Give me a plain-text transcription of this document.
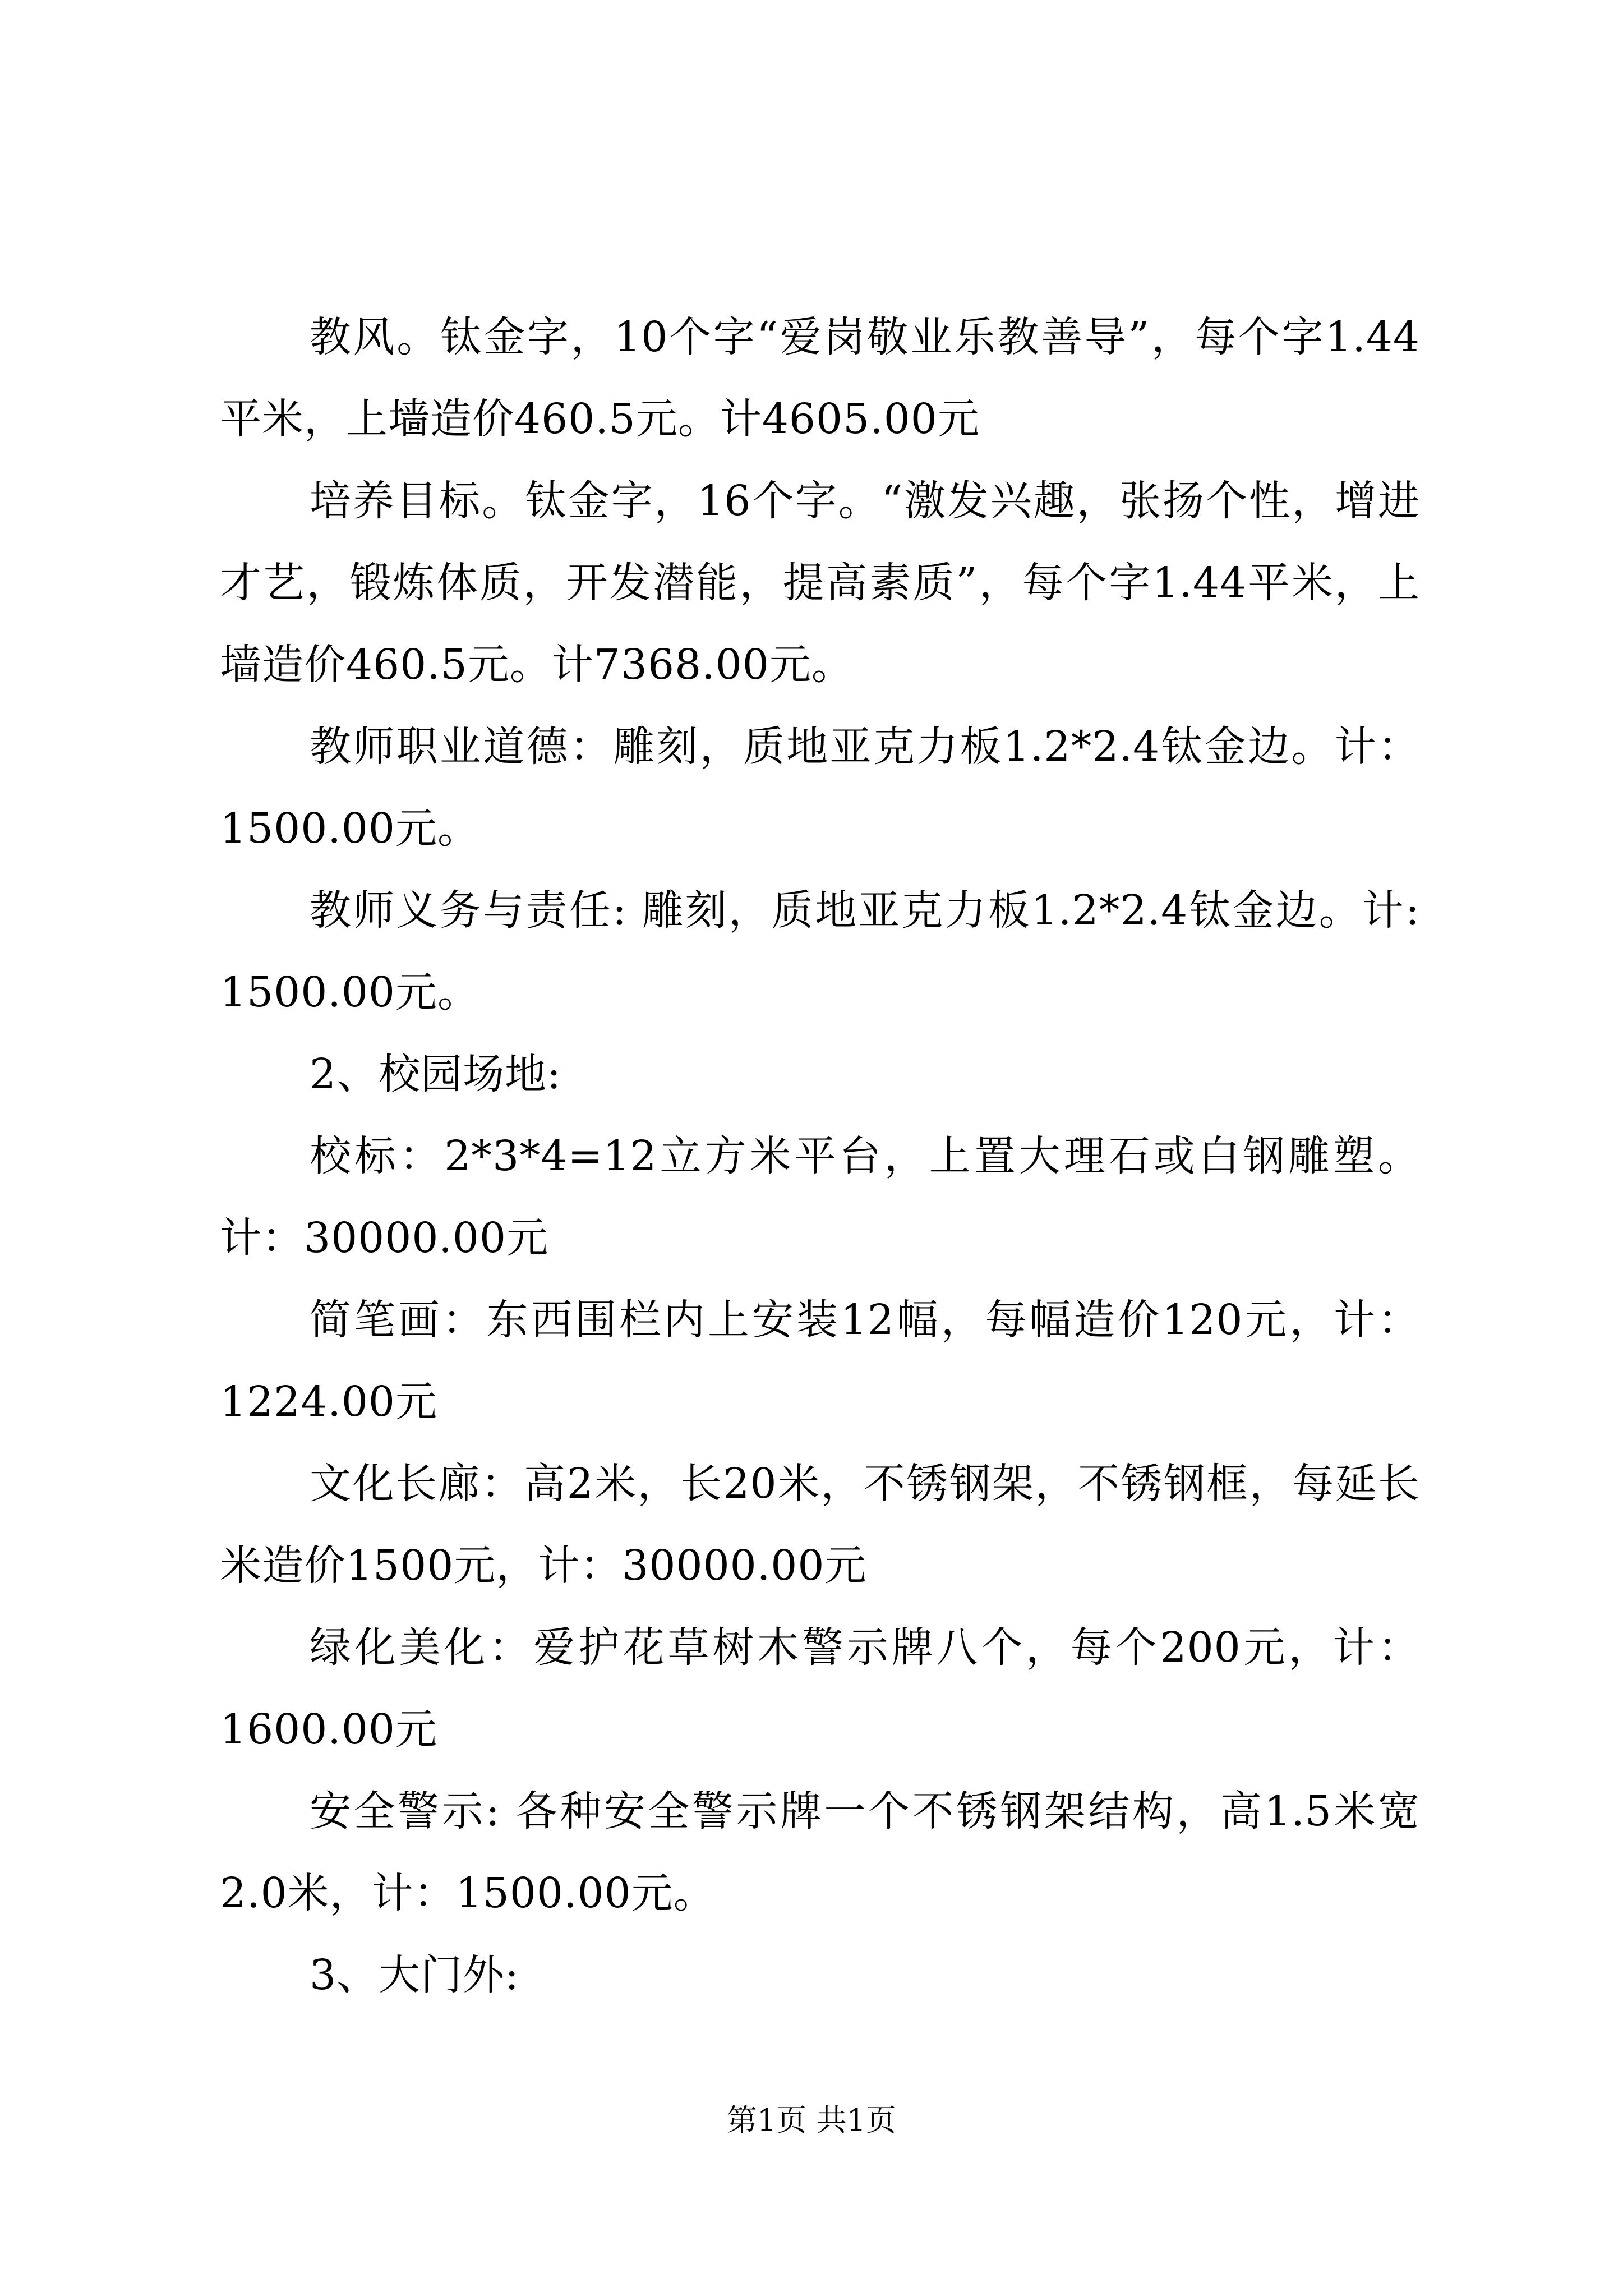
教风。钛金字，10个字“爱岗敬业乐教善导”，每个字1.44平米，上墙造价460.5元。计4605.00元

培养目标。钛金字，16个字。“激发兴趣，张扬个性，增进才艺，锻炼体质，开发潜能，提高素质”，每个字1.44平米，上墙造价460.5元。计7368.00元。

教师职业道德：雕刻，质地亚克力板1.2*2.4钛金边。计：1500.00元。

教师义务与责任: 雕刻，质地亚克力板1.2*2.4钛金边。计: 1500.00元。

2、校园场地:

校标：2*3*4=12立方米平台，上置大理石或白钢雕塑。计：30000.00元

简笔画：东西围栏内上安装12幅，每幅造价120元，计：1224.00元

文化长廊：高2米，长20米，不锈钢架，不锈钢框，每延长米造价1500元，计：30000.00元

绿化美化：爱护花草树木警示牌八个，每个200元，计：1600.00元

安全警示: 各种安全警示牌一个不锈钢架结构，高1.5米宽2.0米，计：1500.00元。

3、大门外:

第1页 共1页
